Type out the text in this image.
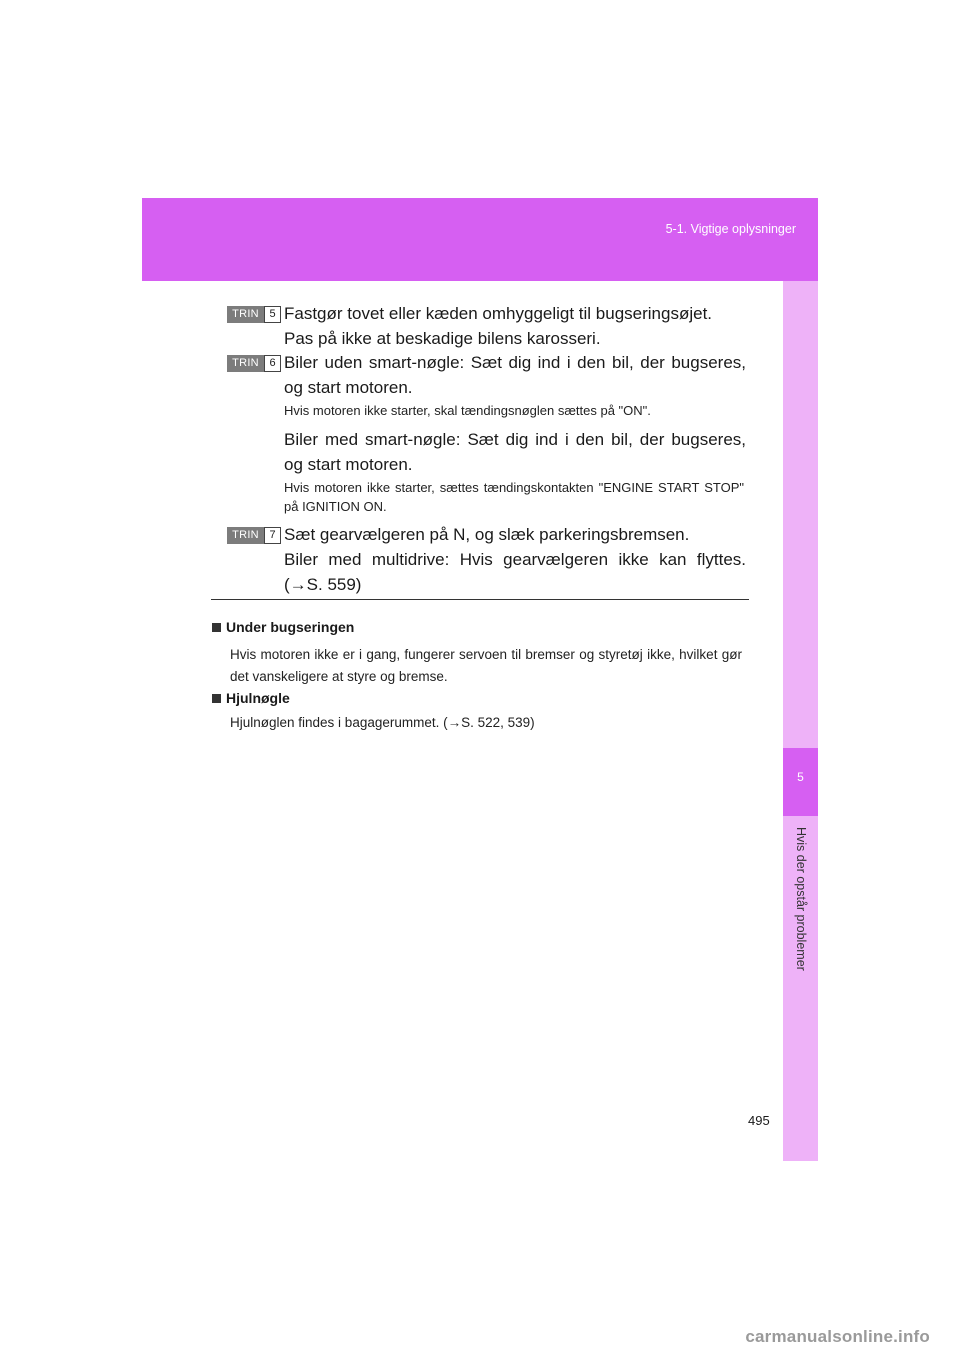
5-1. Vigtige oplysninger
5
Hvis der opstår problemer
TRIN 5 Fastgør tovet eller kæden omhyggeligt til bugseringsøjet.

Pas på ikke at beskadige bilens karosseri.

TRIN 6 Biler uden smart-nøgle: Sæt dig ind i den bil, der bugseres, og start motoren.

Hvis motoren ikke starter, skal tændingsnøglen sættes på "ON".

Biler med smart-nøgle: Sæt dig ind i den bil, der bugseres, og start motoren.

Hvis motoren ikke starter, sættes tændingskontakten "ENGINE START STOP" på IGNITION ON.

TRIN 7 Sæt gearvælgeren på N, og slæk parkeringsbremsen.

Biler med multidrive: Hvis gearvælgeren ikke kan flyttes. (→S. 559)

Under bugseringen

Hvis motoren ikke er i gang, fungerer servoen til bremser og styretøj ikke, hvilket gør det vanskeligere at styre og bremse.

Hjulnøgle

Hjulnøglen findes i bagagerummet. (→S. 522, 539)

495
carmanualsonline.info
